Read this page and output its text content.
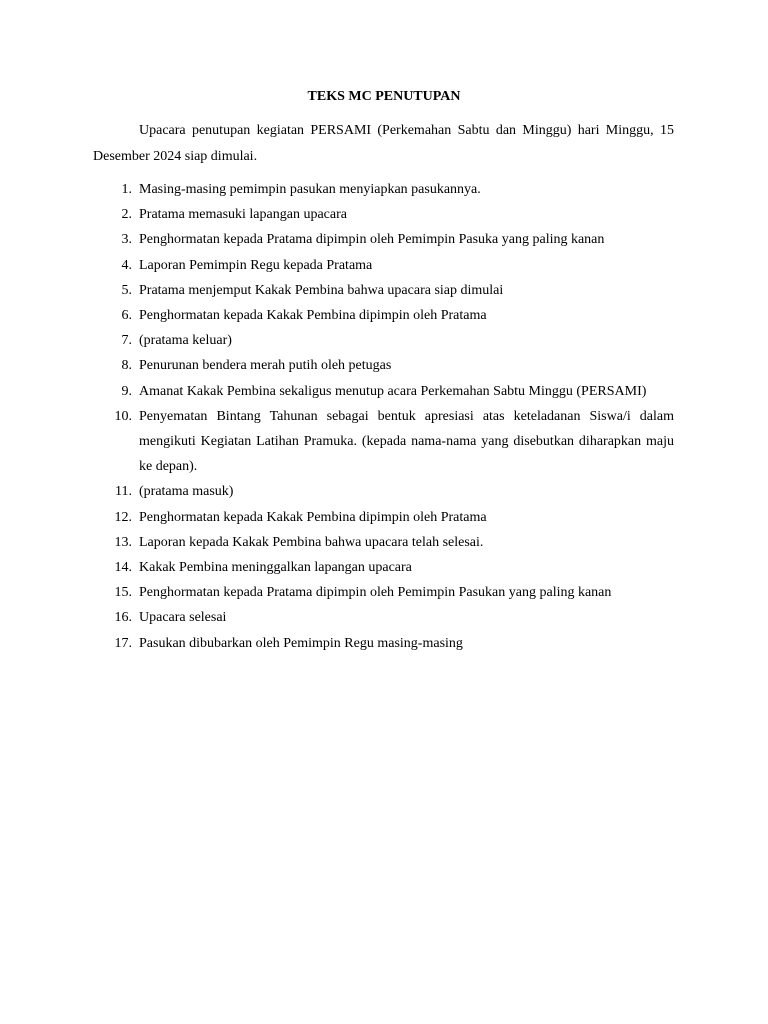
TEKS MC PENUTUPAN

Upacara penutupan kegiatan PERSAMI (Perkemahan Sabtu dan Minggu) hari Minggu, 15 Desember 2024 siap dimulai.

1. Masing-masing pemimpin pasukan menyiapkan pasukannya.
2. Pratama memasuki lapangan upacara
3. Penghormatan kepada Pratama dipimpin oleh Pemimpin Pasuka yang paling kanan
4. Laporan Pemimpin Regu kepada Pratama
5. Pratama menjemput Kakak Pembina bahwa upacara siap dimulai
6. Penghormatan kepada Kakak Pembina dipimpin oleh Pratama
7. (pratama keluar)
8. Penurunan bendera merah putih oleh petugas
9. Amanat Kakak Pembina sekaligus menutup acara Perkemahan Sabtu Minggu (PERSAMI)
10. Penyematan Bintang Tahunan sebagai bentuk apresiasi atas keteladanan Siswa/i dalam mengikuti Kegiatan Latihan Pramuka. (kepada nama-nama yang disebutkan diharapkan maju ke depan).
11. (pratama masuk)
12. Penghormatan kepada Kakak Pembina dipimpin oleh Pratama
13. Laporan kepada Kakak Pembina bahwa upacara telah selesai.
14. Kakak Pembina meninggalkan lapangan upacara
15. Penghormatan kepada Pratama dipimpin oleh Pemimpin Pasukan yang paling kanan
16. Upacara selesai
17. Pasukan dibubarkan oleh Pemimpin Regu masing-masing
